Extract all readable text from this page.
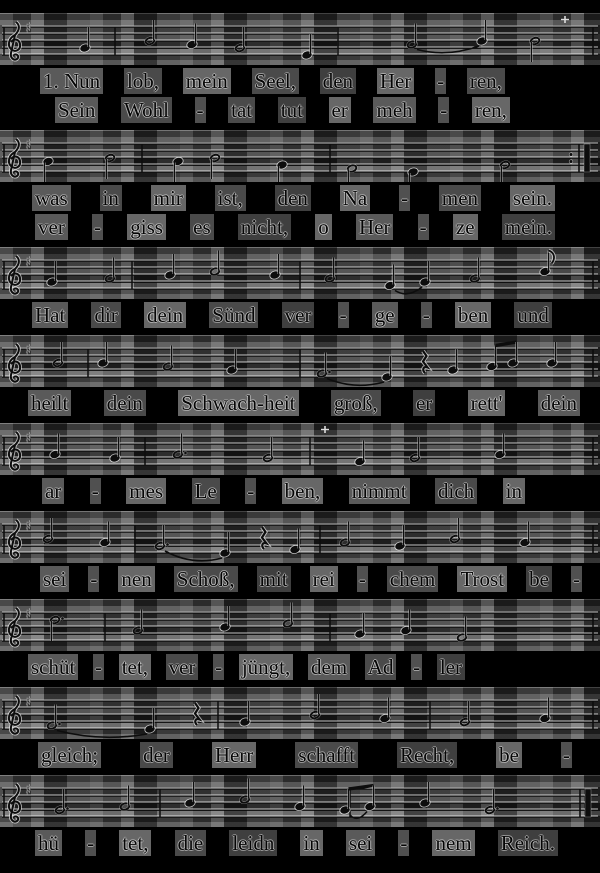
♯
1. Nun lob, mein Seel, den Her - ren,
Sein Wohl - tat tut er meh - ren,
♯
was in mir ist, den Na - men sein.
ver - giss es nicht, o Her - ze mein.
♯
Hat dir dein Sünd ver - ge - ben und
♯
heilt dein Schwach-heit groß, er rett' dein
♯
ar - mes Le - ben, nimmt dich in
♯
sei - nen Schoß, mit rei - chem Trost be -
♯
schüt - tet, ver - jüngt, dem Ad - ler
♯
gleich; der Herr schafft Recht, be -
♯
hü - tet, die leidn in sei - nem Reich.
